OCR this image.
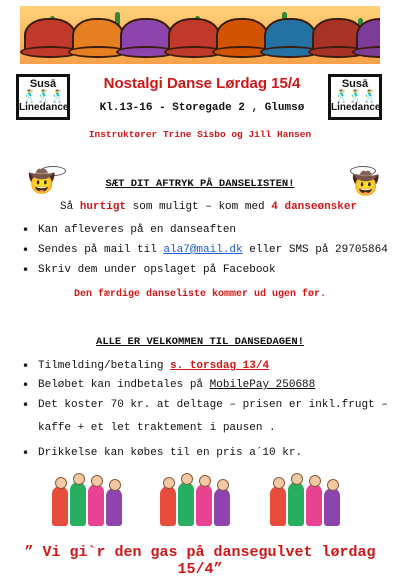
Susā
🕺🕺🕺
Linedance
Susā
🕺🕺🕺
Linedance
Nostalgi Danse Lørdag 15/4
Kl.13-16 - Storegade 2 , Glumsø
Instruktører Trine Sisbo og Jill Hansen
🤠	🤠
SÆT DIT AFTRYK PÅ DANSELISTEN!
Så hurtigt som muligt – kom med 4 danseønsker
• Kan afleveres på en danseaften
• Sendes på mail til ala7@mail.dk eller SMS på 29705864
• Skriv dem under opslaget på Facebook
Den færdige danseliste kommer ud ugen før.
ALLE ER VELKOMMEN TIL DANSEDAGEN!
• Tilmelding/betaling s. torsdag 13/4
• Beløbet kan indbetales på MobilePay 250688
• Det koster 70 kr. at deltage – prisen er inkl.frugt –
kaffe + et let traktement i pausen .
• Drikkelse kan købes til en pris a´10 kr.
” Vi gi`r den gas på dansegulvet lørdag 15/4”
